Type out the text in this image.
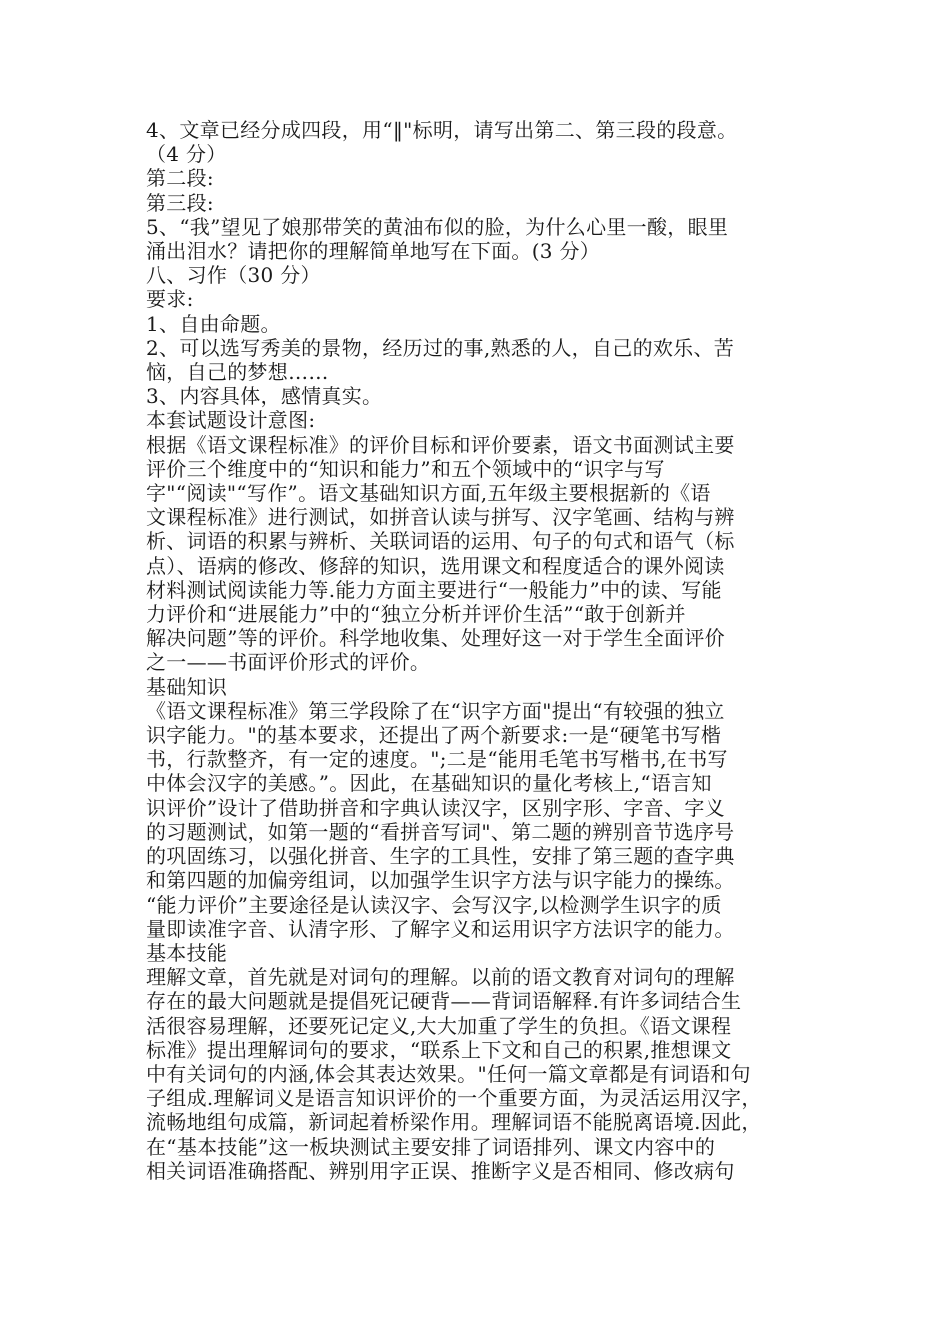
4、文章已经分成四段，用“‖"标明，请写出第二、第三段的段意。
（4 分）
第二段:
第三段:
5、“我”望见了娘那带笑的黄油布似的脸，为什么心里一酸，眼里
涌出泪水？请把你的理解简单地写在下面。(3 分）
八、习作（30 分）
要求:
1、自由命题。
2、可以选写秀美的景物，经历过的事,熟悉的人，自己的欢乐、苦
恼，自己的梦想……
3、内容具体，感情真实。
本套试题设计意图:
根据《语文课程标准》的评价目标和评价要素，语文书面测试主要
评价三个维度中的“知识和能力”和五个领域中的“识字与写
字"“阅读"“写作”。语文基础知识方面,五年级主要根据新的《语
文课程标准》进行测试，如拼音认读与拼写、汉字笔画、结构与辨
析、词语的积累与辨析、关联词语的运用、句子的句式和语气（标
点）、语病的修改、修辞的知识，选用课文和程度适合的课外阅读
材料测试阅读能力等.能力方面主要进行“一般能力”中的读、写能
力评价和“进展能力”中的“独立分析并评价生活”“敢于创新并
解决问题”等的评价。科学地收集、处理好这一对于学生全面评价
之一——书面评价形式的评价。
基础知识
《语文课程标准》第三学段除了在“识字方面"提出“有较强的独立
识字能力。"的基本要求，还提出了两个新要求:一是“硬笔书写楷
书，行款整齐，有一定的速度。";二是“能用毛笔书写楷书,在书写
中体会汉字的美感。”。因此，在基础知识的量化考核上,“语言知
识评价”设计了借助拼音和字典认读汉字，区别字形、字音、字义
的习题测试，如第一题的“看拼音写词"、第二题的辨别音节选序号
的巩固练习，以强化拼音、生字的工具性，安排了第三题的查字典
和第四题的加偏旁组词，以加强学生识字方法与识字能力的操练。
“能力评价”主要途径是认读汉字、会写汉字,以检测学生识字的质
量即读准字音、认清字形、了解字义和运用识字方法识字的能力。
基本技能
理解文章，首先就是对词句的理解。以前的语文教育对词句的理解
存在的最大问题就是提倡死记硬背——背词语解释.有许多词结合生
活很容易理解，还要死记定义,大大加重了学生的负担。《语文课程
标准》提出理解词句的要求，“联系上下文和自己的积累,推想课文
中有关词句的内涵,体会其表达效果。"任何一篇文章都是有词语和句
子组成.理解词义是语言知识评价的一个重要方面，为灵活运用汉字，
流畅地组句成篇，新词起着桥梁作用。理解词语不能脱离语境.因此，
在“基本技能”这一板块测试主要安排了词语排列、课文内容中的
相关词语准确搭配、辨别用字正误、推断字义是否相同、修改病句
